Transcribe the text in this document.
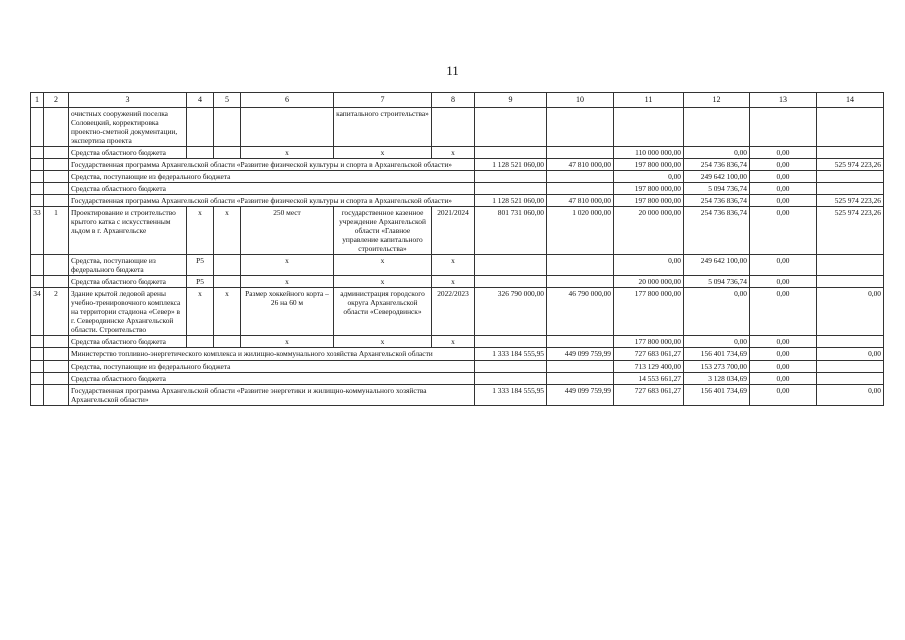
11
1	2	3	4	5	6	7	8	9	10	11	12	13	14
		очистных сооружений поселка Соловецкий, корректировка проектно-сметной документации, экспертиза проекта				капитального строительства»							
		Средства областного бюджета			х	х	х			110 000 000,00	0,00	0,00	
		Государственная программа Архангельской области «Развитие физической культуры и спорта в Архангельской области»						1 128 521 060,00	47 810 000,00	197 800 000,00	254 736 836,74	0,00	525 974 223,26
		Средства, поступающие из федерального бюджета								0,00	249 642 100,00	0,00	
		Средства областного бюджета								197 800 000,00	5 094 736,74	0,00	
		Государственная программа Архангельской области «Развитие физической культуры и спорта в Архангельской области»						1 128 521 060,00	47 810 000,00	197 800 000,00	254 736 836,74	0,00	525 974 223,26
33	1	Проектирование и строительство крытого катка с искусственным льдом в г. Архангельске	х	х	250 мест	государственное казенное учреждение Архангельской области «Главное управление капитального строительства»	2021/2024	801 731 060,00	1 020 000,00	20 000 000,00	254 736 836,74	0,00	525 974 223,26
		Средства, поступающие из федерального бюджета	P5		х	х	х			0,00	249 642 100,00	0,00	
		Средства областного бюджета	P5		х	х	х			20 000 000,00	5 094 736,74	0,00	
34	2	Здание крытой ледовой арены учебно-тренировочного комплекса на территории стадиона «Север» в г. Северодвинске Архангельской области. Строительство	х	х	Размер хоккейного корта – 26 на 60 м	администрация городского округа Архангельской области «Северодвинск»	2022/2023	326 790 000,00	46 790 000,00	177 800 000,00	0,00	0,00	0,00
		Средства областного бюджета			х	х	х			177 800 000,00	0,00	0,00	
		Министерство топливно-энергетического комплекса и жилищно-коммунального хозяйства Архангельской области						1 333 184 555,95	449 099 759,99	727 683 061,27	156 401 734,69	0,00	0,00
		Средства, поступающие из федерального бюджета								713 129 400,00	153 273 700,00	0,00	
		Средства областного бюджета								14 553 661,27	3 128 034,69	0,00	
		Государственная программа Архангельской области «Развитие энергетики и жилищно-коммунального хозяйства Архангельской области»						1 333 184 555,95	449 099 759,99	727 683 061,27	156 401 734,69	0,00	0,00
